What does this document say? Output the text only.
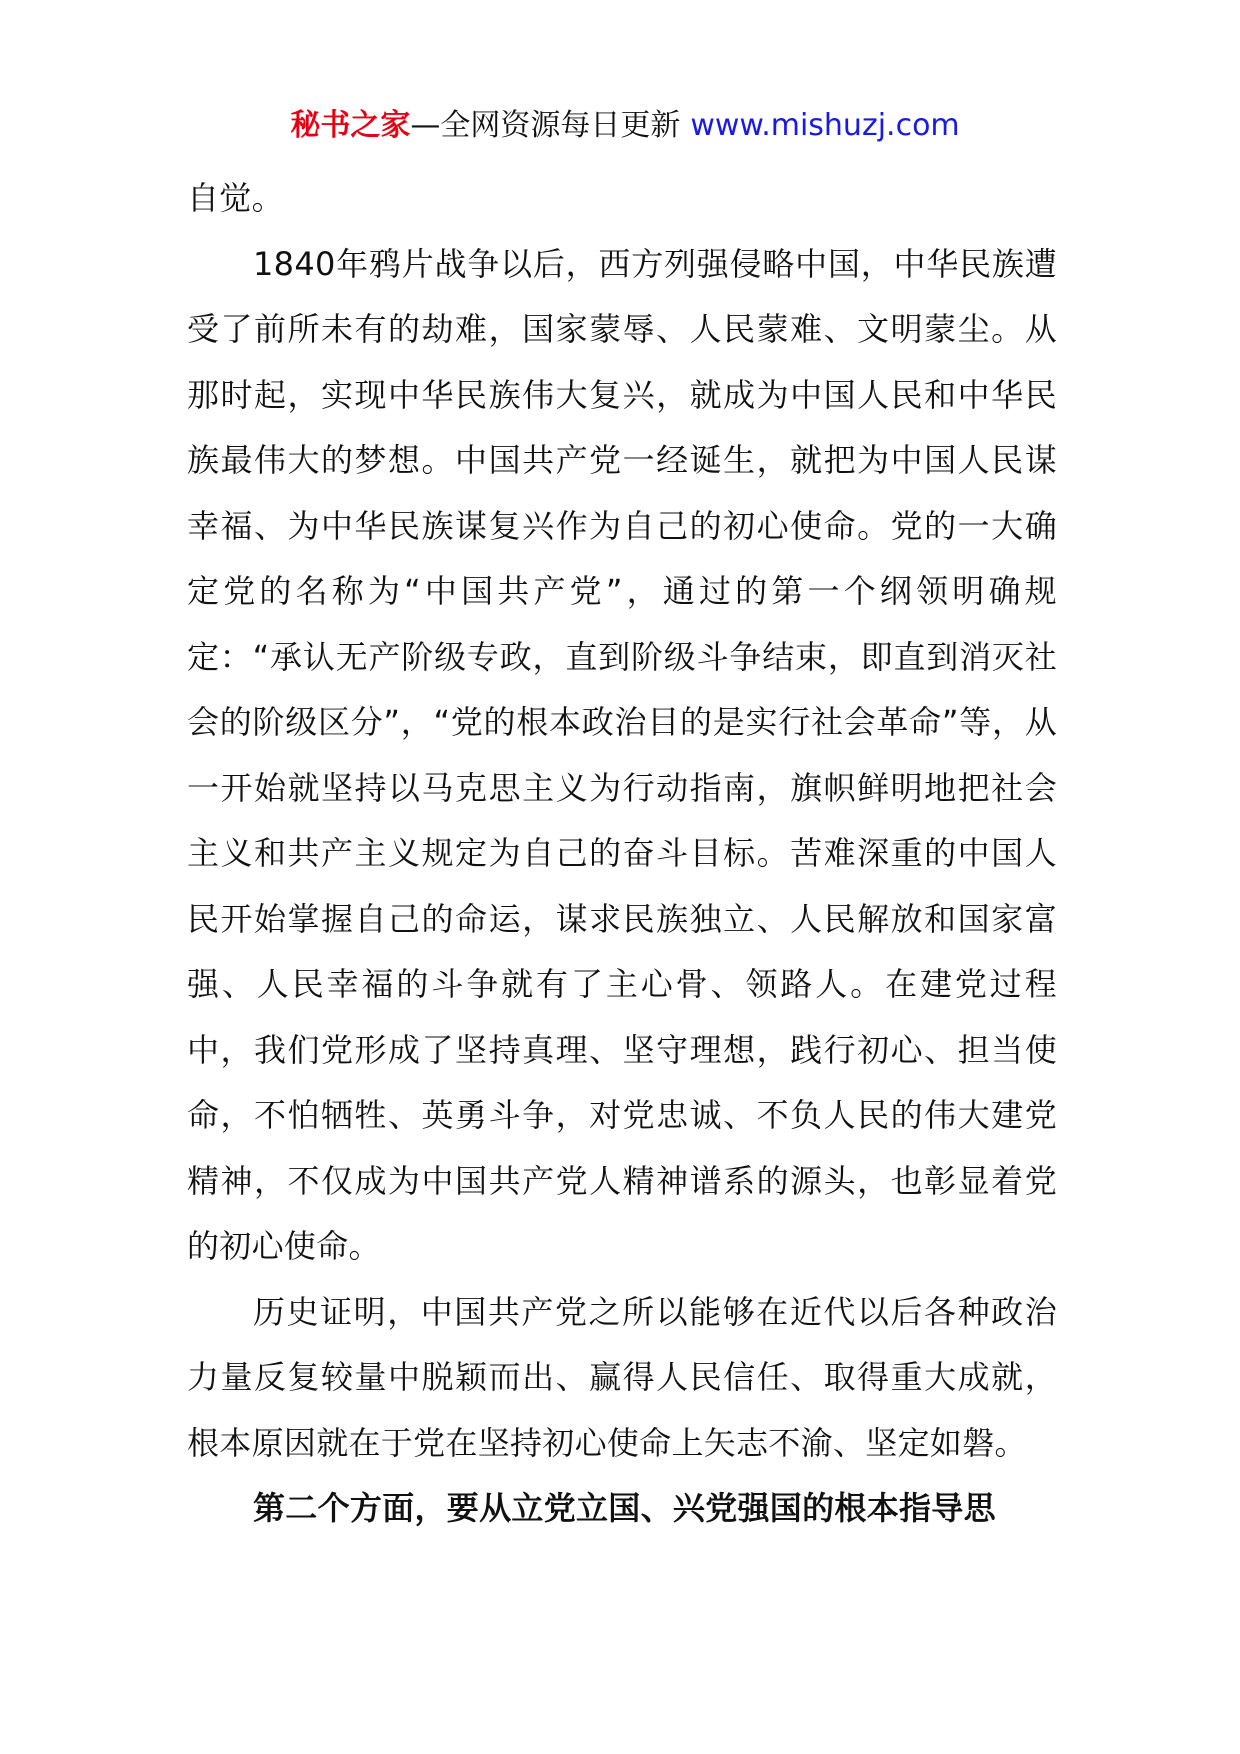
秘书之家—全网资源每日更新 www.mishuzj.com

自觉。

1840年鸦片战争以后，西方列强侵略中国，中华民族遭受了前所未有的劫难，国家蒙辱、人民蒙难、文明蒙尘。从那时起，实现中华民族伟大复兴，就成为中国人民和中华民族最伟大的梦想。中国共产党一经诞生，就把为中国人民谋幸福、为中华民族谋复兴作为自己的初心使命。党的一大确定党的名称为“中国共产党”，通过的第一个纲领明确规定：“承认无产阶级专政，直到阶级斗争结束，即直到消灭社会的阶级区分”，“党的根本政治目的是实行社会革命”等，从一开始就坚持以马克思主义为行动指南，旗帜鲜明地把社会主义和共产主义规定为自己的奋斗目标。苦难深重的中国人民开始掌握自己的命运，谋求民族独立、人民解放和国家富强、人民幸福的斗争就有了主心骨、领路人。在建党过程中，我们党形成了坚持真理、坚守理想，践行初心、担当使命，不怕牺牲、英勇斗争，对党忠诚、不负人民的伟大建党精神，不仅成为中国共产党人精神谱系的源头，也彰显着党的初心使命。

历史证明，中国共产党之所以能够在近代以后各种政治力量反复较量中脱颖而出、赢得人民信任、取得重大成就，根本原因就在于党在坚持初心使命上矢志不渝、坚定如磐。

第二个方面，要从立党立国、兴党强国的根本指导思
